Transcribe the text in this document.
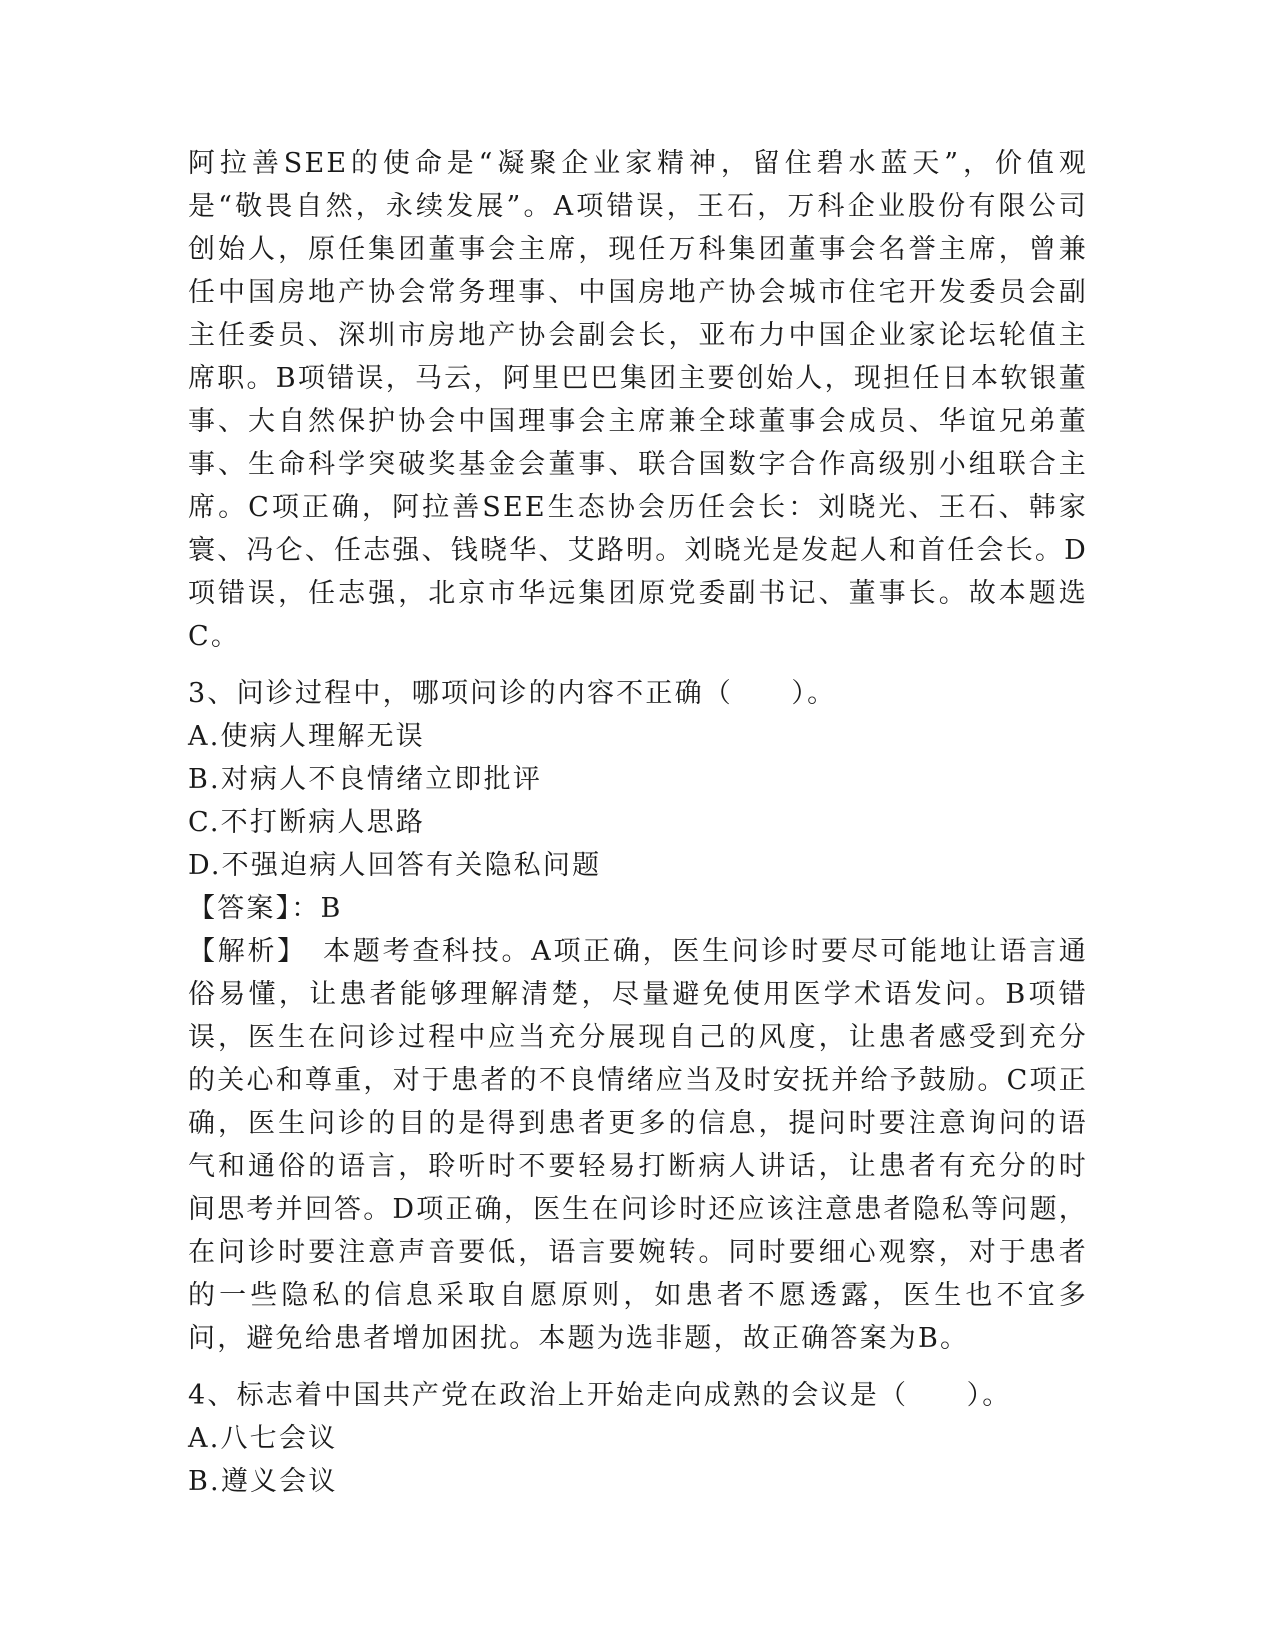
阿拉善SEE的使命是“凝聚企业家精神，留住碧水蓝天”，价值观是“敬畏自然，永续发展”。A项错误，王石，万科企业股份有限公司创始人，原任集团董事会主席，现任万科集团董事会名誉主席，曾兼任中国房地产协会常务理事、中国房地产协会城市住宅开发委员会副主任委员、深圳市房地产协会副会长，亚布力中国企业家论坛轮值主席职。B项错误，马云，阿里巴巴集团主要创始人，现担任日本软银董事、大自然保护协会中国理事会主席兼全球董事会成员、华谊兄弟董事、生命科学突破奖基金会董事、联合国数字合作高级别小组联合主席。C项正确，阿拉善SEE生态协会历任会长：刘晓光、王石、韩家寰、冯仑、任志强、钱晓华、艾路明。刘晓光是发起人和首任会长。D项错误，任志强，北京市华远集团原党委副书记、董事长。故本题选C。

3、问诊过程中，哪项问诊的内容不正确（　　）。

A.使病人理解无误

B.对病人不良情绪立即批评

C.不打断病人思路

D.不强迫病人回答有关隐私问题

【答案】：B

【解析】　 本题考查科技。A项正确，医生问诊时要尽可能地让语言通俗易懂，让患者能够理解清楚，尽量避免使用医学术语发问。B项错误，医生在问诊过程中应当充分展现自己的风度，让患者感受到充分的关心和尊重，对于患者的不良情绪应当及时安抚并给予鼓励。C项正确，医生问诊的目的是得到患者更多的信息，提问时要注意询问的语气和通俗的语言，聆听时不要轻易打断病人讲话，让患者有充分的时间思考并回答。D项正确，医生在问诊时还应该注意患者隐私等问题，在问诊时要注意声音要低，语言要婉转。同时要细心观察，对于患者的一些隐私的信息采取自愿原则，如患者不愿透露，医生也不宜多问，避免给患者增加困扰。本题为选非题，故正确答案为B。

4、标志着中国共产党在政治上开始走向成熟的会议是（　　）。

A.八七会议

B.遵义会议
